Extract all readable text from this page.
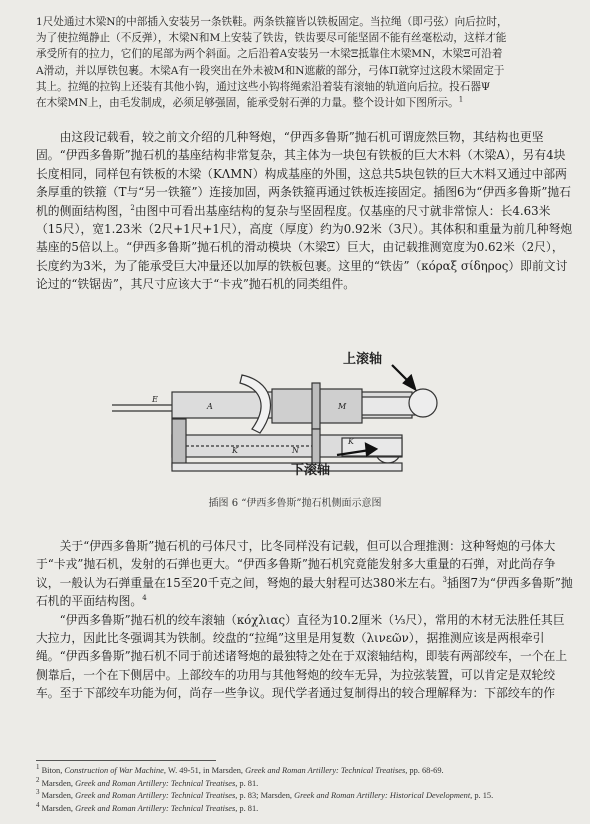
1尺处通过木梁N的中部插入安装另一条铁鞋。两条铁箍皆以铁板固定。当拉绳（即弓弦）向后拉时，
为了使拉绳静止（不反弹），木梁N和M上安装了铁齿，铁齿要尽可能坚固不能有丝毫松动，这样才能
承受所有的拉力，它们的尾部为两个斜面。之后沿着A安装另一木梁Ξ抵靠住木梁MN，木梁Ξ可沿着
A滑动，并以厚铁包裹。木梁A有一段突出在外未被M和N遮蔽的部分，弓体Π就穿过这段木梁固定于
其上。拉绳的拉钩上还装有其他小钩，通过这些小钩将绳索沿着装有滚轴的轨道向后拉。投石器Ψ
在木梁MN上，由毛发制成，必须足够强固，能承受射石弹的力量。整个设计如下图所示。$^1$

由这段记载看，较之前文介绍的几种弩炮，“伊西多鲁斯”抛石机可谓庞然巨物，其结构也更坚固。“伊西多鲁斯”抛石机的基座结构非常复杂，其主体为一块包有铁板的巨大木料（木梁A），另有4块长度相同，同样包有铁板的木梁（KΛMN）构成基座的外围，这总共5块包铁的巨大木料又通过中部两条厚重的铁箍（T与“另一铁箍”）连接加固，两条铁箍再通过铁板连接固定。插图6为“伊西多鲁斯”抛石机的侧面结构图，$^2$由图中可看出基座结构的复杂与坚固程度。仅基座的尺寸就非常惊人：长4.63米（15尺），宽1.23米（2尺+1尺+1尺），高度（厚度）约为0.92米（3尺）。其体积和重量为前几种弩炮基座的5倍以上。“伊西多鲁斯”抛石机的滑动模块（木梁Ξ）巨大，由记载推测宽度为0.62米（2尺），长度约为3米，为了能承受巨大冲量还以加厚的铁板包裹。这里的“铁齿”（κόραξ σίδηρος）即前文讨论过的“铁锯齿”，其尺寸应该大于“卡戎”抛石机的同类组件。

E
A	M
K
N
K
上滚轴
下滚轴
插图 6 “伊西多鲁斯”抛石机侧面示意图

关于“伊西多鲁斯”抛石机的弓体尺寸，比冬同样没有记载，但可以合理推测：这种弩炮的弓体大于“卡戎”抛石机，发射的石弹也更大。“伊西多鲁斯”抛石机究竟能发射多大重量的石弹，对此尚存争议，一般认为石弹重量在15至20千克之间，弩炮的最大射程可达380米左右。$^3$插图7为“伊西多鲁斯”抛石机的平面结构图。$^4$

“伊西多鲁斯”抛石机的绞车滚轴（κόχλιας）直径为10.2厘米（⅓尺），常用的木材无法胜任其巨大拉力，因此比冬强调其为铁制。绞盘的“拉绳”这里是用复数（λινεῶν），据推测应该是两根牵引绳。“伊西多鲁斯”抛石机不同于前述诸弩炮的最独特之处在于双滚轴结构，即装有两部绞车，一个在上侧靠后，一个在下侧居中。上部绞车的功用与其他弩炮的绞车无异，为拉弦装置，可以肯定是双轮绞车。至于下部绞车功能为何，尚存一些争议。现代学者通过复制得出的较合理解释为：下部绞车的作

$^1$ Biton, Construction of War Machine, W. 49-51, in Marsden, Greek and Roman Artillery: Technical Treatises, pp. 68-69.
$^2$ Marsden, Greek and Roman Artillery: Technical Treatises, p. 81.
$^3$ Marsden, Greek and Roman Artillery: Technical Treatises, p. 83; Marsden, Greek and Roman Artillery: Historical Development, p. 15.
$^4$ Marsden, Greek and Roman Artillery: Technical Treatises, p. 81.
